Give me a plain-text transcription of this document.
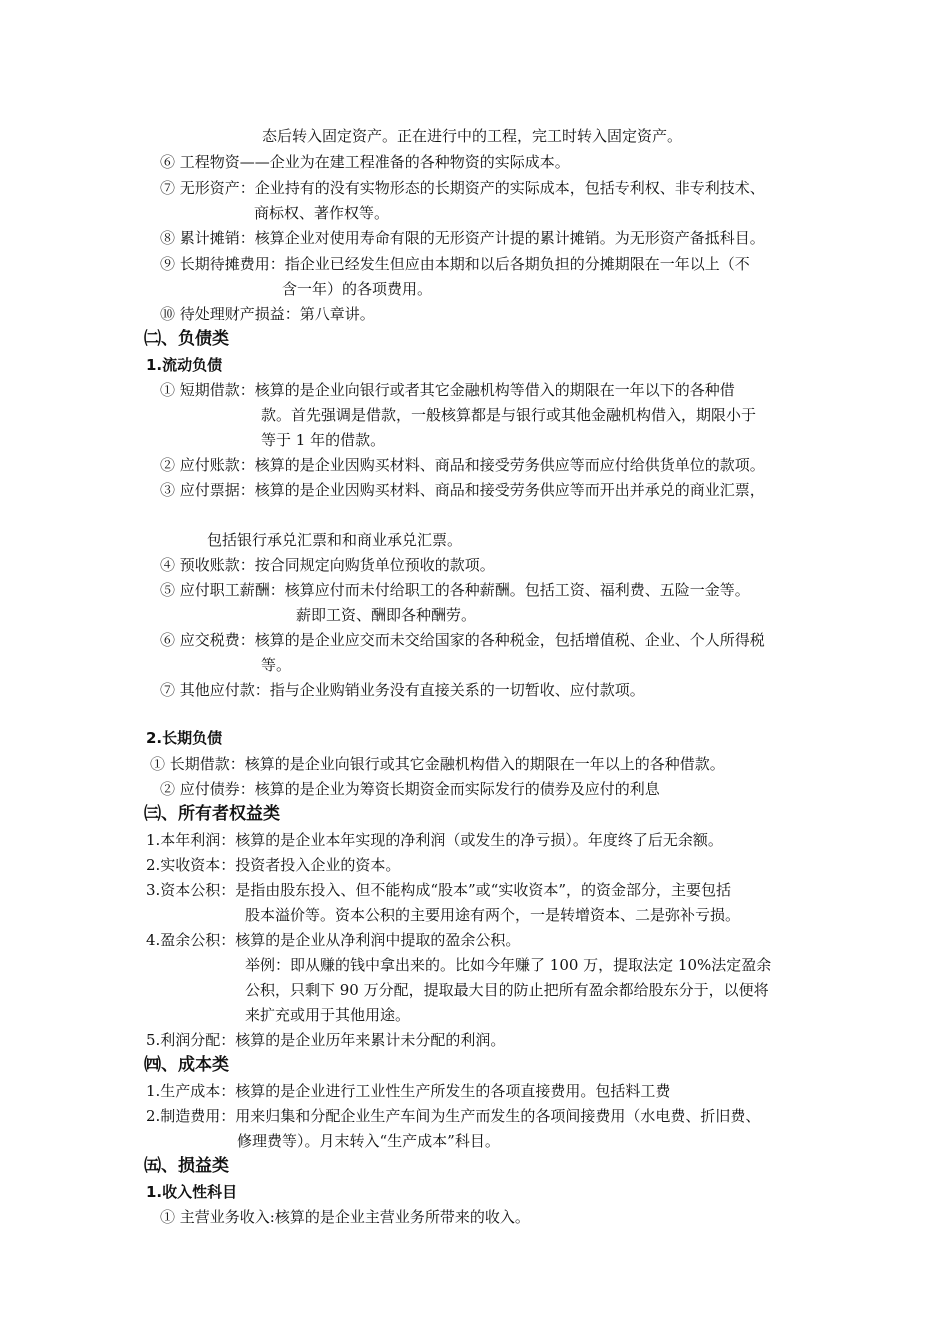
态后转入固定资产。正在进行中的工程，完工时转入固定资产。
⑥ 工程物资——企业为在建工程准备的各种物资的实际成本。
⑦ 无形资产：企业持有的没有实物形态的长期资产的实际成本，包括专利权、非专利技术、
商标权、著作权等。
⑧ 累计摊销：核算企业对使用寿命有限的无形资产计提的累计摊销。为无形资产备抵科目。
⑨ 长期待摊费用：指企业已经发生但应由本期和以后各期负担的分摊期限在一年以上（不
含一年）的各项费用。
⑩ 待处理财产损益：第八章讲。
㈡、负债类
1.流动负债
① 短期借款：核算的是企业向银行或者其它金融机构等借入的期限在一年以下的各种借
款。首先强调是借款，一般核算都是与银行或其他金融机构借入，期限小于
等于 1 年的借款。
② 应付账款：核算的是企业因购买材料、商品和接受劳务供应等而应付给供货单位的款项。
③ 应付票据：核算的是企业因购买材料、商品和接受劳务供应等而开出并承兑的商业汇票，
包括银行承兑汇票和和商业承兑汇票。
④ 预收账款：按合同规定向购货单位预收的款项。
⑤ 应付职工薪酬：核算应付而未付给职工的各种薪酬。包括工资、福利费、五险一金等。
薪即工资、酬即各种酬劳。
⑥ 应交税费：核算的是企业应交而未交给国家的各种税金，包括增值税、企业、个人所得税
等。
⑦ 其他应付款：指与企业购销业务没有直接关系的一切暂收、应付款项。
2.长期负债
① 长期借款：核算的是企业向银行或其它金融机构借入的期限在一年以上的各种借款。
② 应付债券：核算的是企业为筹资长期资金而实际发行的债券及应付的利息
㈢、所有者权益类
1.本年利润：核算的是企业本年实现的净利润（或发生的净亏损）。年度终了后无余额。
2.实收资本：投资者投入企业的资本。
3.资本公积：是指由股东投入、但不能构成“股本”或“实收资本”，的资金部分，主要包括
股本溢价等。资本公积的主要用途有两个，一是转增资本、二是弥补亏损。
4.盈余公积：核算的是企业从净利润中提取的盈余公积。
举例：即从赚的钱中拿出来的。比如今年赚了 100 万，提取法定 10%法定盈余
公积，只剩下 90 万分配，提取最大目的防止把所有盈余都给股东分于，以便将
来扩充或用于其他用途。
5.利润分配：核算的是企业历年来累计未分配的利润。
㈣、成本类
1.生产成本：核算的是企业进行工业性生产所发生的各项直接费用。包括料工费
2.制造费用：用来归集和分配企业生产车间为生产而发生的各项间接费用（水电费、折旧费、
修理费等）。月末转入“生产成本”科目。
㈤、损益类
1.收入性科目
① 主营业务收入:核算的是企业主营业务所带来的收入。
